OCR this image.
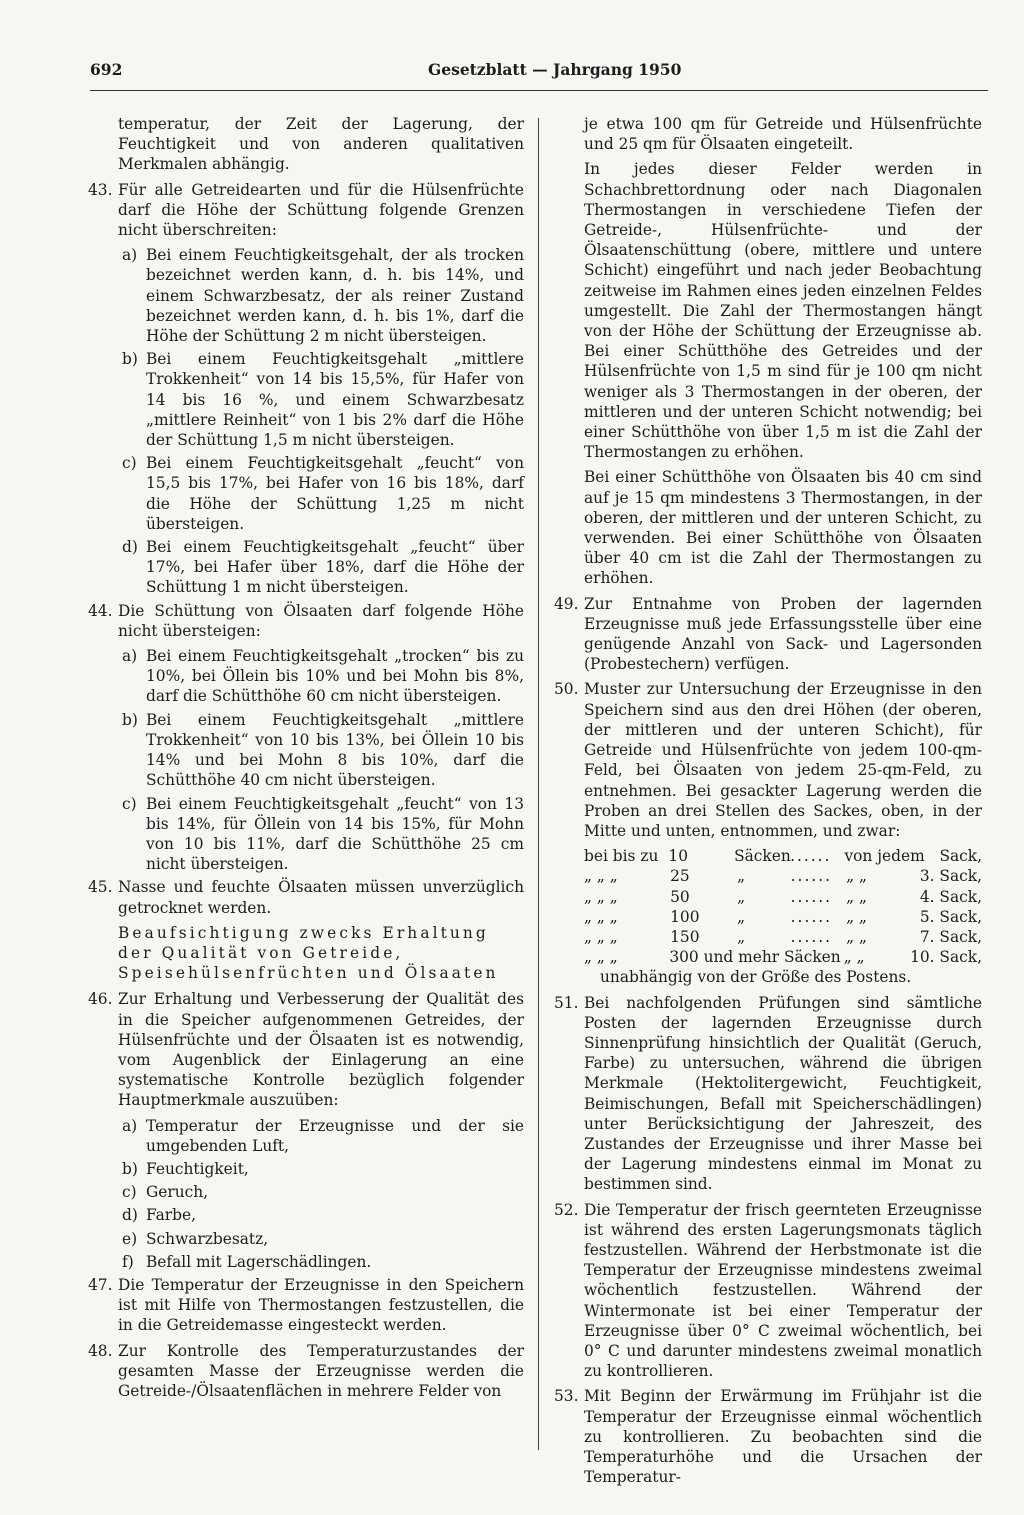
692	Gesetzblatt — Jahrgang 1950

temperatur, der Zeit der Lagerung, der Feuchtigkeit und von anderen qualitativen Merkmalen abhängig.

43. Für alle Getreidearten und für die Hülsenfrüchte darf die Höhe der Schüttung folgende Grenzen nicht überschreiten:

a) Bei einem Feuchtigkeitsgehalt, der als trocken bezeichnet werden kann, d. h. bis 14%, und einem Schwarzbesatz, der als reiner Zustand bezeichnet werden kann, d. h. bis 1%, darf die Höhe der Schüttung 2 m nicht übersteigen.

b) Bei einem Feuchtigkeitsgehalt „mittlere Trokkenheit“ von 14 bis 15,5%, für Hafer von 14 bis 16 %, und einem Schwarzbesatz „mittlere Reinheit“ von 1 bis 2% darf die Höhe der Schüttung 1,5 m nicht übersteigen.

c) Bei einem Feuchtigkeitsgehalt „feucht“ von 15,5 bis 17%, bei Hafer von 16 bis 18%, darf die Höhe der Schüttung 1,25 m nicht übersteigen.

d) Bei einem Feuchtigkeitsgehalt „feucht“ über 17%, bei Hafer über 18%, darf die Höhe der Schüttung 1 m nicht übersteigen.

44. Die Schüttung von Ölsaaten darf folgende Höhe nicht übersteigen:

a) Bei einem Feuchtigkeitsgehalt „trocken“ bis zu 10%, bei Öllein bis 10% und bei Mohn bis 8%, darf die Schütthöhe 60 cm nicht übersteigen.

b) Bei einem Feuchtigkeitsgehalt „mittlere Trokkenheit“ von 10 bis 13%, bei Öllein 10 bis 14% und bei Mohn 8 bis 10%, darf die Schütthöhe 40 cm nicht übersteigen.

c) Bei einem Feuchtigkeitsgehalt „feucht“ von 13 bis 14%, für Öllein von 14 bis 15%, für Mohn von 10 bis 11%, darf die Schütthöhe 25 cm nicht übersteigen.

45. Nasse und feuchte Ölsaaten müssen unverzüglich getrocknet werden.

Beaufsichtigung zwecks Erhaltung der Qualität von Getreide, Speisehülsenfrüchten und Ölsaaten

46. Zur Erhaltung und Verbesserung der Qualität des in die Speicher aufgenommenen Getreides, der Hülsenfrüchte und der Ölsaaten ist es notwendig, vom Augenblick der Einlagerung an eine systematische Kontrolle bezüglich folgender Hauptmerkmale auszuüben:

a) Temperatur der Erzeugnisse und der sie umgebenden Luft,

b) Feuchtigkeit,

c) Geruch,

d) Farbe,

e) Schwarzbesatz,

f) Befall mit Lagerschädlingen.

47. Die Temperatur der Erzeugnisse in den Speichern ist mit Hilfe von Thermostangen festzustellen, die in die Getreidemasse eingesteckt werden.

48. Zur Kontrolle des Temperaturzustandes der gesamten Masse der Erzeugnisse werden die Getreide-/Ölsaatenflächen in mehrere Felder von

je etwa 100 qm für Getreide und Hülsenfrüchte und 25 qm für Ölsaaten eingeteilt.

In jedes dieser Felder werden in Schachbrettordnung oder nach Diagonalen Thermostangen in verschiedene Tiefen der Getreide-, Hülsenfrüchte- und der Ölsaatenschüttung (obere, mittlere und untere Schicht) eingeführt und nach jeder Beobachtung zeitweise im Rahmen eines jeden einzelnen Feldes umgestellt. Die Zahl der Thermostangen hängt von der Höhe der Schüttung der Erzeugnisse ab. Bei einer Schütthöhe des Getreides und der Hülsenfrüchte von 1,5 m sind für je 100 qm nicht weniger als 3 Thermostangen in der oberen, der mittleren und der unteren Schicht notwendig; bei einer Schütthöhe von über 1,5 m ist die Zahl der Thermostangen zu erhöhen.

Bei einer Schütthöhe von Ölsaaten bis 40 cm sind auf je 15 qm mindestens 3 Thermostangen, in der oberen, der mittleren und der unteren Schicht, zu verwenden. Bei einer Schütthöhe von Ölsaaten über 40 cm ist die Zahl der Thermostangen zu erhöhen.

49. Zur Entnahme von Proben der lagernden Erzeugnisse muß jede Erfassungsstelle über eine genügende Anzahl von Sack- und Lagersonden (Probestechern) verfügen.

50. Muster zur Untersuchung der Erzeugnisse in den Speichern sind aus den drei Höhen (der oberen, der mittleren und der unteren Schicht), für Getreide und Hülsenfrüchte von jedem 100-qm-Feld, bei Ölsaaten von jedem 25-qm-Feld, zu entnehmen. Bei gesackter Lagerung werden die Proben an drei Stellen des Sackes, oben, in der Mitte und unten, entnommen, und zwar:

bei bis zu 10	Säcken ...... von jedem Sack,
„ „ „	25	„	...... „ „	3. Sack,
„ „ „	50	„	...... „ „	4. Sack,
„ „ „	100	„	...... „ „	5. Sack,
„ „ „	150	„	...... „ „	7. Sack,
„ „ „	300 und mehr Säcken „ „	10. Sack,

unabhängig von der Größe des Postens.

51. Bei nachfolgenden Prüfungen sind sämtliche Posten der lagernden Erzeugnisse durch Sinnenprüfung hinsichtlich der Qualität (Geruch, Farbe) zu untersuchen, während die übrigen Merkmale (Hektolitergewicht, Feuchtigkeit, Beimischungen, Befall mit Speicherschädlingen) unter Berücksichtigung der Jahreszeit, des Zustandes der Erzeugnisse und ihrer Masse bei der Lagerung mindestens einmal im Monat zu bestimmen sind.

52. Die Temperatur der frisch geernteten Erzeugnisse ist während des ersten Lagerungsmonats täglich festzustellen. Während der Herbstmonate ist die Temperatur der Erzeugnisse mindestens zweimal wöchentlich festzustellen. Während der Wintermonate ist bei einer Temperatur der Erzeugnisse über 0° C zweimal wöchentlich, bei 0° C und darunter mindestens zweimal monatlich zu kontrollieren.

53. Mit Beginn der Erwärmung im Frühjahr ist die Temperatur der Erzeugnisse einmal wöchentlich zu kontrollieren. Zu beobachten sind die Temperaturhöhe und die Ursachen der Temperatur-
